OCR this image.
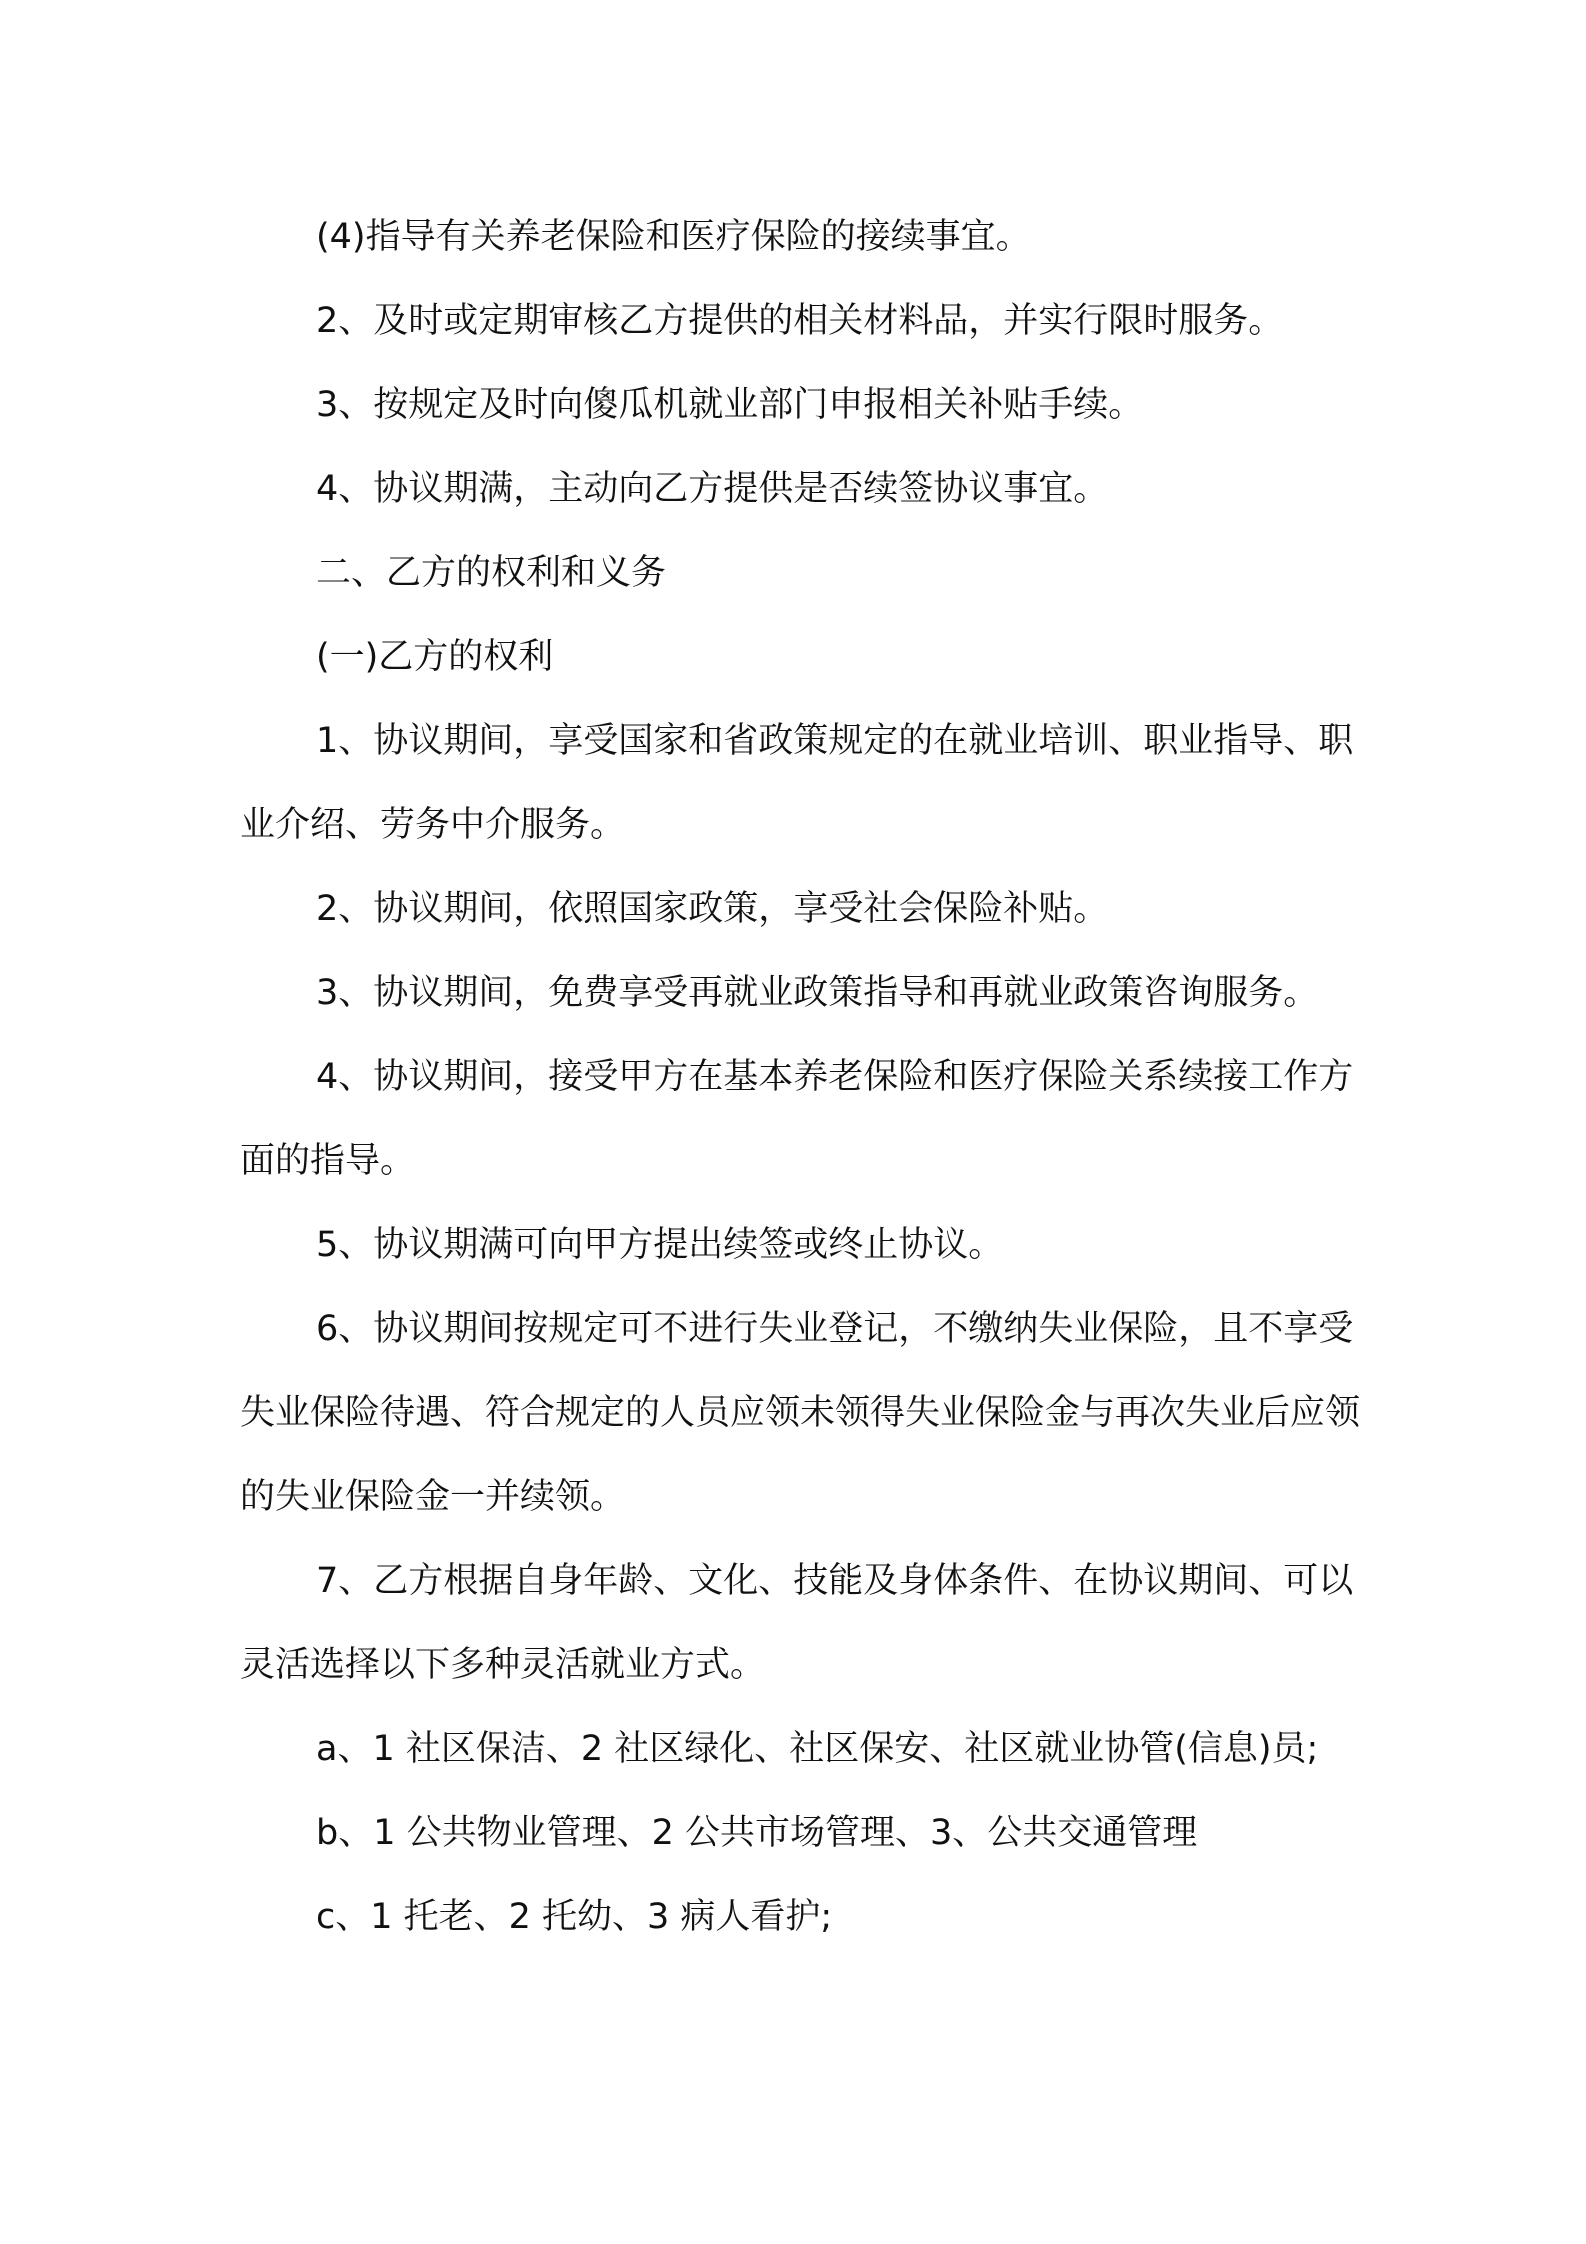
(4)指导有关养老保险和医疗保险的接续事宜。

2、及时或定期审核乙方提供的相关材料品，并实行限时服务。

3、按规定及时向傻瓜机就业部门申报相关补贴手续。

4、协议期满，主动向乙方提供是否续签协议事宜。

二、乙方的权利和义务

(一)乙方的权利

1、协议期间，享受国家和省政策规定的在就业培训、职业指导、职业介绍、劳务中介服务。

2、协议期间，依照国家政策，享受社会保险补贴。

3、协议期间，免费享受再就业政策指导和再就业政策咨询服务。

4、协议期间，接受甲方在基本养老保险和医疗保险关系续接工作方面的指导。

5、协议期满可向甲方提出续签或终止协议。

6、协议期间按规定可不进行失业登记，不缴纳失业保险，且不享受失业保险待遇、符合规定的人员应领未领得失业保险金与再次失业后应领的失业保险金一并续领。

7、乙方根据自身年龄、文化、技能及身体条件、在协议期间、可以灵活选择以下多种灵活就业方式。

a、1 社区保洁、2 社区绿化、社区保安、社区就业协管(信息)员;

b、1 公共物业管理、2 公共市场管理、3、公共交通管理

c、1 托老、2 托幼、3 病人看护;
